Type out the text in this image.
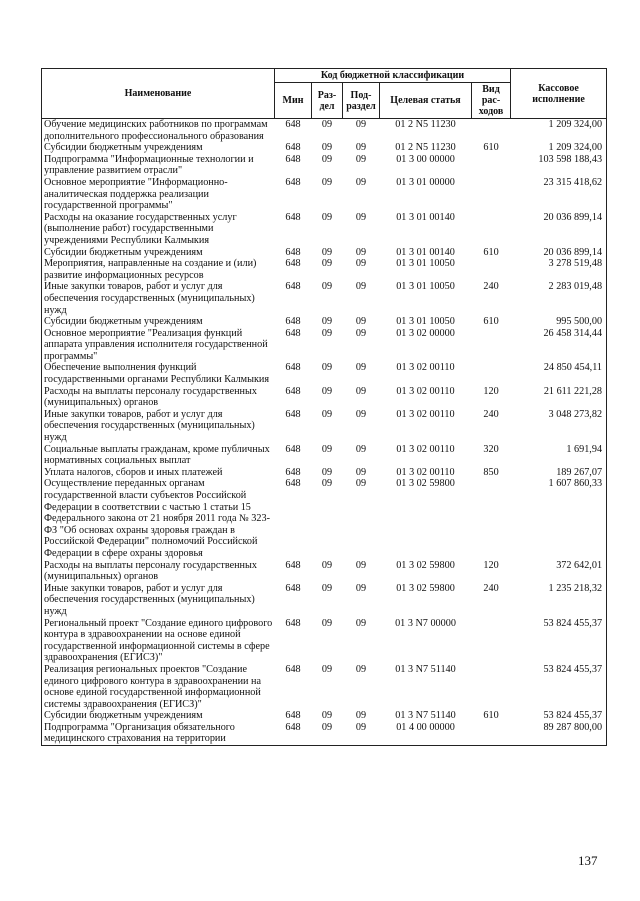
Наименование	Код бюджетной классификации					Кассовое исполнение
	Мин	Раз-дел	Под-раздел	Целевая статья	Вид рас-ходов	
Обучение медицинских работников по программам дополнительного профессионального образования	648	09	09	01 2 N5 11230		1 209 324,00
Субсидии бюджетным учреждениям	648	09	09	01 2 N5 11230	610	1 209 324,00
Подпрограмма "Информационные технологии и управление развитием отрасли"	648	09	09	01 3 00 00000		103 598 188,43
Основное мероприятие "Информационно-аналитическая поддержка реализации государственной программы"	648	09	09	01 3 01 00000		23 315 418,62
Расходы на оказание государственных услуг (выполнение работ) государственными учреждениями Республики Калмыкия	648	09	09	01 3 01 00140		20 036 899,14
Субсидии бюджетным учреждениям	648	09	09	01 3 01 00140	610	20 036 899,14
Мероприятия, направленные на создание и (или) развитие информационных ресурсов	648	09	09	01 3 01 10050		3 278 519,48
Иные закупки товаров, работ и услуг для обеспечения государственных (муниципальных) нужд	648	09	09	01 3 01 10050	240	2 283 019,48
Субсидии бюджетным учреждениям	648	09	09	01 3 01 10050	610	995 500,00
Основное мероприятие "Реализация функций аппарата управления исполнителя государственной программы"	648	09	09	01 3 02 00000		26 458 314,44
Обеспечение выполнения функций государственными органами Республики Калмыкия	648	09	09	01 3 02 00110		24 850 454,11
Расходы на выплаты персоналу государственных (муниципальных) органов	648	09	09	01 3 02 00110	120	21 611 221,28
Иные закупки товаров, работ и услуг для обеспечения государственных (муниципальных) нужд	648	09	09	01 3 02 00110	240	3 048 273,82
Социальные выплаты гражданам, кроме публичных нормативных социальных выплат	648	09	09	01 3 02 00110	320	1 691,94
Уплата налогов, сборов и иных платежей	648	09	09	01 3 02 00110	850	189 267,07
Осуществление переданных органам государственной власти субъектов Российской Федерации в соответствии с частью 1 статьи 15 Федерального закона от 21 ноября 2011 года № 323-ФЗ "Об основах охраны здоровья граждан в Российской Федерации" полномочий Российской Федерации в сфере охраны здоровья	648	09	09	01 3 02 59800		1 607 860,33
Расходы на выплаты персоналу государственных (муниципальных) органов	648	09	09	01 3 02 59800	120	372 642,01
Иные закупки товаров, работ и услуг для обеспечения государственных (муниципальных) нужд	648	09	09	01 3 02 59800	240	1 235 218,32
Региональный проект "Создание единого цифрового контура в здравоохранении на основе единой государственной информационной системы в сфере здравоохранения (ЕГИСЗ)"	648	09	09	01 3 N7 00000		53 824 455,37
Реализация региональных проектов "Создание единого цифрового контура в здравоохранении на основе единой государственной информационной системы здравоохранения (ЕГИСЗ)"	648	09	09	01 3 N7 51140		53 824 455,37
Субсидии бюджетным учреждениям	648	09	09	01 3 N7 51140	610	53 824 455,37
Подпрограмма "Организация обязательного медицинского страхования на территории	648	09	09	01 4 00 00000		89 287 800,00
137
